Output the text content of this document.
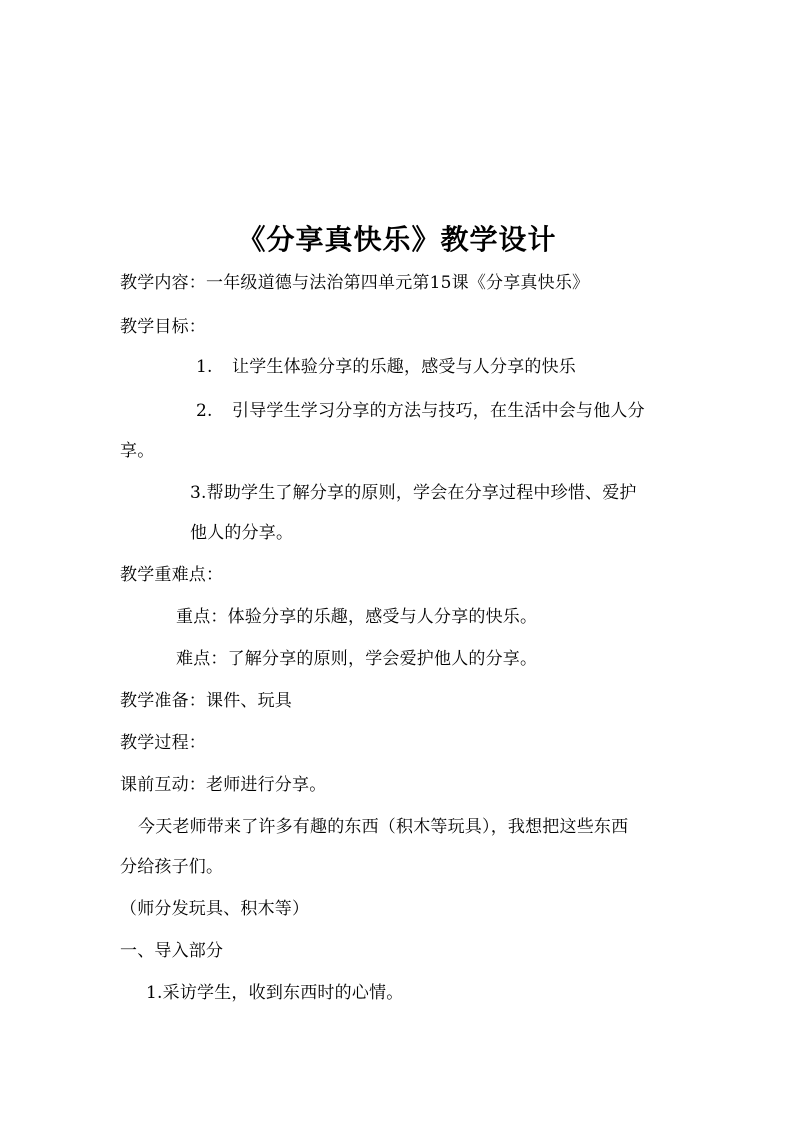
《分享真快乐》教学设计
教学内容：一年级道德与法治第四单元第15课《分享真快乐》
教学目标：
1. 让学生体验分享的乐趣，感受与人分享的快乐
2. 引导学生学习分享的方法与技巧，在生活中会与他人分
享。
3.帮助学生了解分享的原则，学会在分享过程中珍惜、爱护
他人的分享。
教学重难点：
重点：体验分享的乐趣，感受与人分享的快乐。
难点：了解分享的原则，学会爱护他人的分享。
教学准备：课件、玩具
教学过程：
课前互动：老师进行分享。
今天老师带来了许多有趣的东西（积木等玩具），我想把这些东西
分给孩子们。
（师分发玩具、积木等）
一、导入部分
1.采访学生，收到东西时的心情。
